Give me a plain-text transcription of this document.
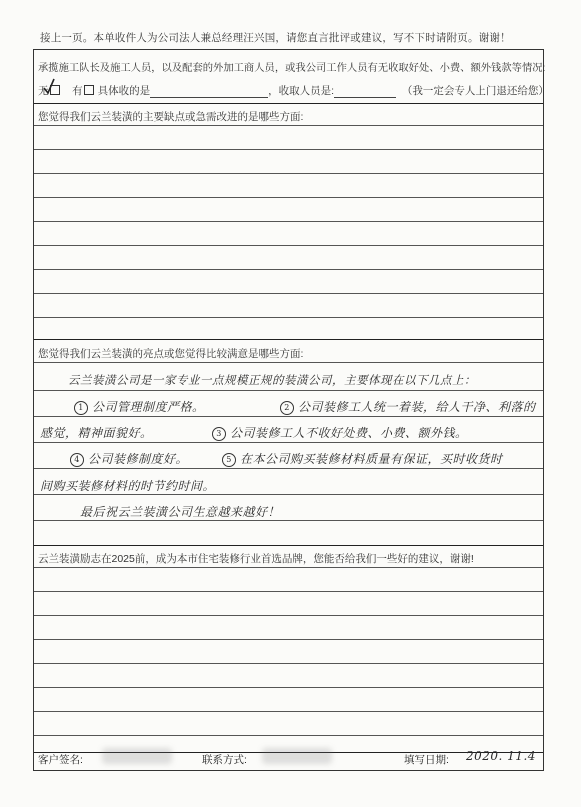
接上一页。本单收件人为公司法人兼总经理汪兴国，请您直言批评或建议，写不下时请附页。谢谢！
承揽施工队长及施工人员，以及配套的外加工商人员，或我公司工作人员有无收取好处、小费、额外钱款等情况:
无 有 具体收的是	，收取人员是:	（我一定会专人上门退还给您）
您觉得我们云兰装潢的主要缺点或急需改进的是哪些方面:
您觉得我们云兰装潢的亮点或您觉得比较满意是哪些方面:
云兰装潢公司是一家专业一点规模正规的装潢公司，主要体现在以下几点上：
1 公司管理制度严格。	2 公司装修工人统一着装，给人干净、利落的
感觉，精神面貌好。	3 公司装修工人不收好处费、小费、额外钱。
4 公司装修制度好。	5 在本公司购买装修材料质量有保证，买时收货时
间购买装修材料的时节约时间。
最后祝云兰装潢公司生意越来越好！
云兰装潢励志在2025前，成为本市住宅装修行业首选品牌，您能否给我们一些好的建议，谢谢!
客户签名:	联系方式:	填写日期: 2020. 11.4
